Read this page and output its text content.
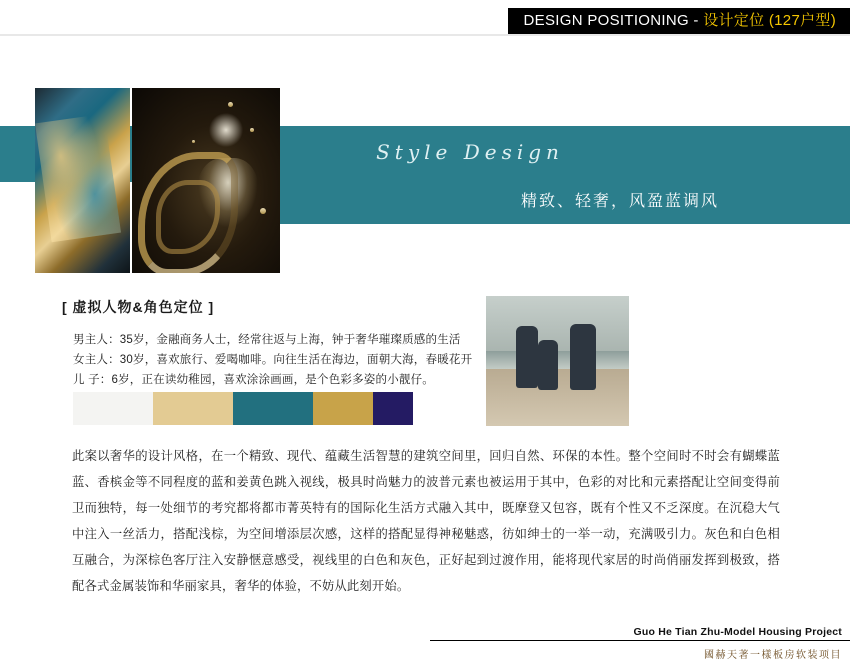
DESIGN POSITIONING - 设计定位 (127户型)
Style Design
精致、轻奢，风盈蓝调风
[ 虚拟人物&角色定位 ]
男主人：35岁，金融商务人士，经常往返与上海，钟于奢华璀璨质感的生活
女主人：30岁，喜欢旅行、爱喝咖啡。向往生活在海边，面朝大海，春暖花开
儿 子：6岁，正在读幼稚园，喜欢涂涂画画，是个色彩多姿的小靓仔。
此案以奢华的设计风格，在一个精致、现代、蕴藏生活智慧的建筑空间里，回归自然、环保的本性。整个空间时不时会有蝴蝶蓝蓝、香槟金等不同程度的蓝和姜黄色跳入视线，极具时尚魅力的波普元素也被运用于其中，色彩的对比和元素搭配让空间变得前卫而独特，每一处细节的考究都将都市菁英特有的国际化生活方式融入其中，既摩登又包容，既有个性又不乏深度。在沉稳大气中注入一丝活力，搭配浅棕，为空间增添层次感，这样的搭配显得神秘魅惑，彷如绅士的一举一动，充满吸引力。灰色和白色相互融合，为深棕色客厅注入安静惬意感受，视线里的白色和灰色，正好起到过渡作用，能将现代家居的时尚俏丽发挥到极致，搭配各式金属装饰和华丽家具，奢华的体验，不妨从此刻开始。
Guo He Tian Zhu-Model Housing Project
國赫天著一樣板房软装项目
